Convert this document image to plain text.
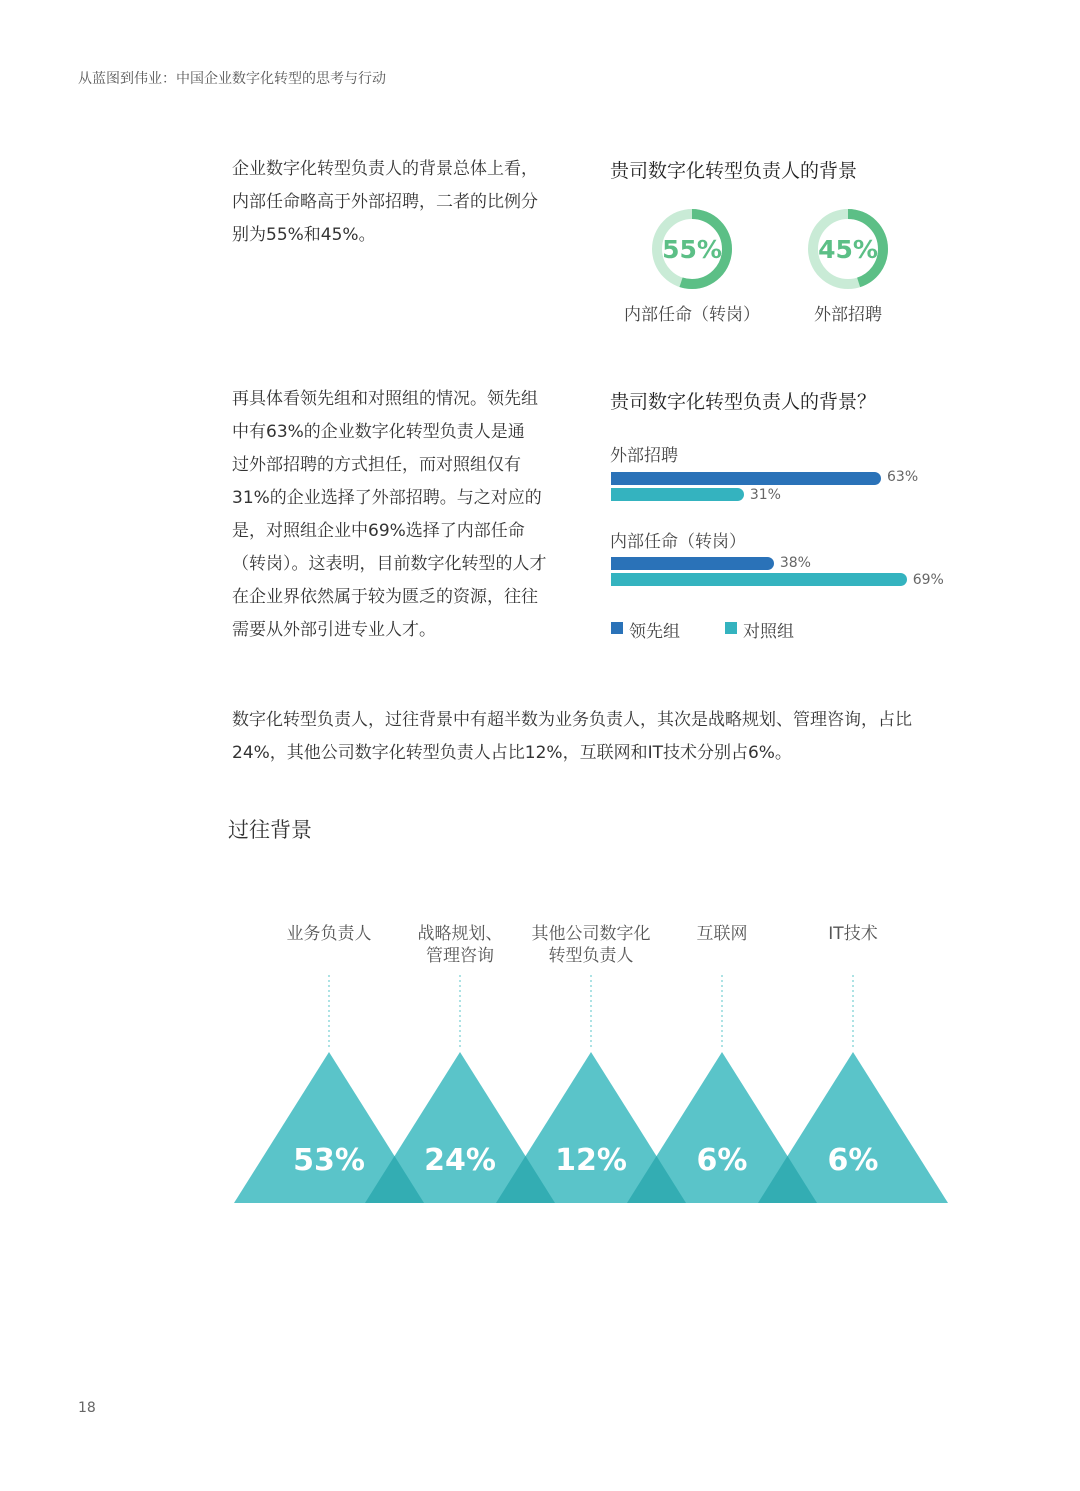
从蓝图到伟业：中国企业数字化转型的思考与行动
企业数字化转型负责人的背景总体上看，
内部任命略高于外部招聘，二者的比例分
别为55%和45%。
贵司数字化转型负责人的背景
55%
内部任命（转岗）
45%
外部招聘
再具体看领先组和对照组的情况。领先组
中有63%的企业数字化转型负责人是通
过外部招聘的方式担任，而对照组仅有
31%的企业选择了外部招聘。与之对应的
是，对照组企业中69%选择了内部任命
（转岗）。这表明，目前数字化转型的人才
在企业界依然属于较为匮乏的资源，往往
需要从外部引进专业人才。
贵司数字化转型负责人的背景？
外部招聘
63%
31%
内部任命（转岗）
38%
69%
领先组	对照组
数字化转型负责人，过往背景中有超半数为业务负责人，其次是战略规划、管理咨询，占比
24%，其他公司数字化转型负责人占比12%，互联网和IT技术分别占6%。
过往背景
业务负责人	战略规划、
管理咨询
其他公司数字化
转型负责人
互联网	IT技术
53% 24% 12% 6%	6%
18
